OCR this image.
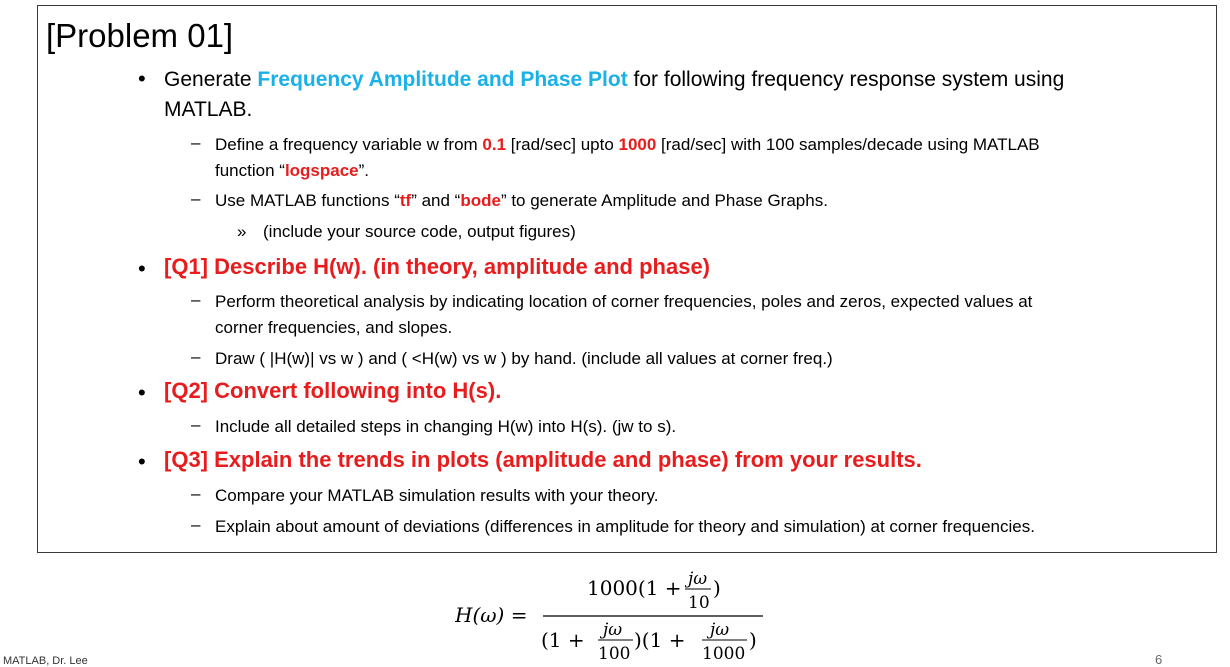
[Problem 01]
• Generate Frequency Amplitude and Phase Plot for following frequency response system using
MATLAB.
– Define a frequency variable w from 0.1 [rad/sec] upto 1000 [rad/sec] with 100 samples/decade using MATLAB
function “logspace”.
– Use MATLAB functions “tf” and “bode” to generate Amplitude and Phase Graphs.
» (include your source code, output figures)
• [Q1] Describe H(w). (in theory, amplitude and phase)
– Perform theoretical analysis by indicating location of corner frequencies, poles and zeros, expected values at
corner frequencies, and slopes.
– Draw ( |H(w)| vs w ) and ( <H(w) vs w ) by hand. (include all values at corner freq.)
• [Q2] Convert following into H(s).
– Include all detailed steps in changing H(w) into H(s). (jw to s).
• [Q3] Explain the trends in plots (amplitude and phase) from your results.
– Compare your MATLAB simulation results with your theory.
– Explain about amount of deviations (differences in amplitude for theory and simulation) at corner frequencies.
H(ω) =
1000(1 + jω
10
)
(1 + jω
100
)(1 + jω
1000
)
MATLAB, Dr. Lee	6
